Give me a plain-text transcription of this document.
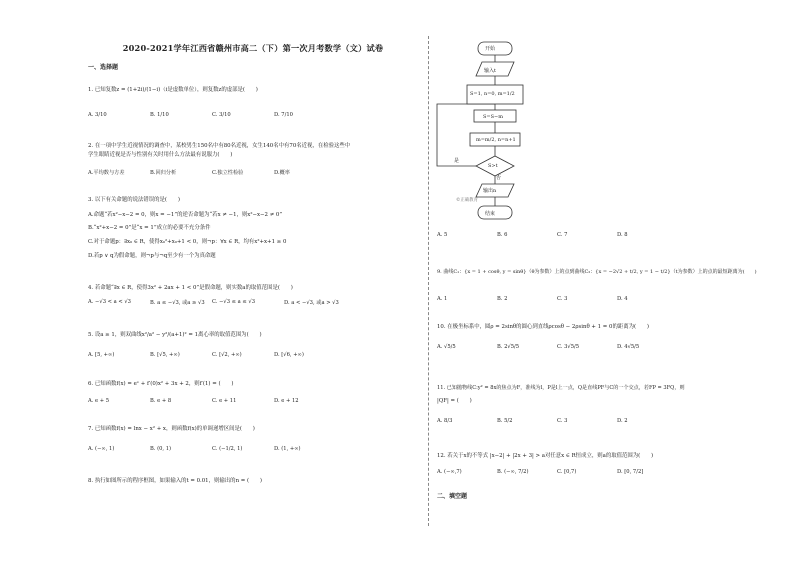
2020-2021学年江西省赣州市高二（下）第一次月考数学（文）试卷
一、选择题
1. 已知复数z = (1+2i)/(1−i)（i是虚数单位），则复数z的虚部是(　　)
A. 3/10	B. 1/10	C. 3/10	D. 7/10
2. 在一项中学生近视情况的调查中，某校男生150名中有80名近视，女生140名中有70名近视，在检验这些中
学生眼睛近视是否与性别有关时用什么方法最有说服力(　　)
A.平均数与方差	B.回归分析	C.独立性检验	D.概率
3. 以下有关命题的说法错误的是(　　)
A.命题“若x²−x−2 = 0，则x = −1”的逆否命题为“若x ≠ −1，则x²−x−2 ≠ 0”
B.“x²+x−2 = 0”是“x = 1”成立的必要不充分条件
C.对于命题p：∃x₀ ∈ R，使得x₀²+x₀+1 < 0，则¬p：∀x ∈ R，均有x²+x+1 ≥ 0
D.若p ∨ q为假命题，则¬p与¬q至少有一个为真命题
4. 若命题“∃x ∈ R，使得3x² + 2ax + 1 < 0”是假命题，则实数a的取值范围是(　　)
A. −√3 < a < √3	B. a ≤ −√3, 或a ≥ √3 C. −√3 ≤ a ≤ √3	D. a < −√3, 或a > √3
5. 设a ≥ 1，则双曲线x²/a² − y²/(a+1)² = 1离心率的取值范围为(　　)
A. [5, +∞)	B. [√5, +∞)	C. [√2, +∞)	D. [√6, +∞)
6. 已知函数f(x) = eˣ + f′(0)x² + 3x + 2，则f′(1) = (　　)
A. e + 5	B. e + 8	C. e + 11	D. e + 12
7. 已知函数f(x) = lnx − x² + x，则函数f(x)的单调递增区间是(　　)
A. (−∞, 1)	B. (0, 1)	C. (−1/2, 1)	D. (1, +∞)
8. 执行如图所示的程序框图，如果输入的t = 0.01，则输出的n = (　　)
开始
输入t
S=1, n=0, m=1/2
S=S−m
m=m/2, n=n+1
S>t
是
否
输出n
©正确教育
结束
A. 5	B. 6	C. 7	D. 8
9. 曲线C₁：{x = 1 + cosθ, y = sinθ}（θ为参数）上的点到曲线C₂：{x = −2√2 + t/2, y = 1 − t/2}（t为参数）上的点的最短距离为(　　)
A. 1	B. 2	C. 3	D. 4
10. 在极坐标系中，圆ρ = 2sinθ的圆心到直线ρcosθ − 2ρsinθ + 1 = 0的距离为(　　)
A. √5/5	B. 2√5/5	C. 3√5/5	D. 4√5/5
11. 已知抛物线C:y² = 8x的焦点为F，准线为l，P是l上一点，Q是直线PF与C的一个交点，若FP = 3FQ，则
|QF| = (　　)
A. 8/3	B. 5/2	C. 3	D. 2
12. 若关于x的不等式 |x−2| + |2x + 3| > a对任意x ∈ R恒成立，则a的取值范围为(　　)
A. (−∞,7)	B. (−∞, 7/2)	C. [0,7)	D. [0, 7/2]
二、填空题
